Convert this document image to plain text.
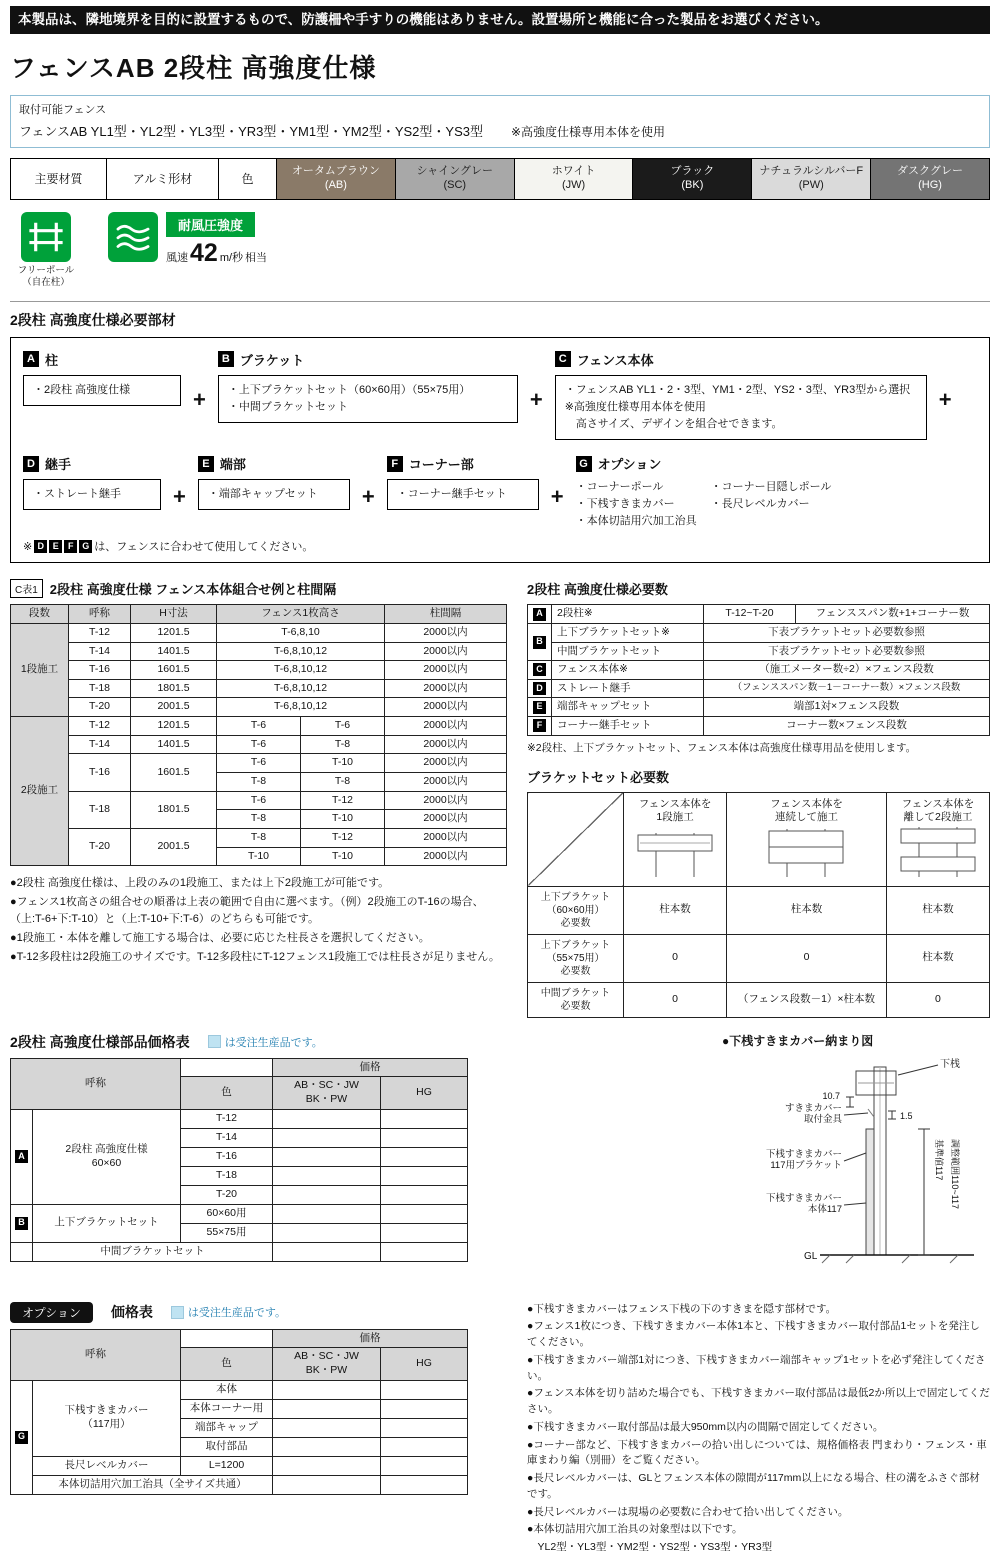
本製品は、隣地境界を目的に設置するもので、防護柵や手すりの機能はありません。設置場所と機能に合った製品をお選びください。
フェンスAB 2段柱 高強度仕様
取付可能フェンス
フェンスAB YL1型・YL2型・YL3型・YR3型・YM1型・YM2型・YS2型・YS3型 ※高強度仕様専用本体を使用
主要材質	アルミ形材	色
オータムブラウン
(AB)
シャイングレー
(SC)
ホワイト
(JW)
ブラック
(BK)
ナチュラルシルバーF
(PW)
ダスクグレー
(HG)
フリーポール
（自在柱）
耐風圧強度
風速 42 m/秒 相当
2段柱 高強度仕様必要部材
A 柱
・2段柱 高強度仕様	+
B ブラケット
・上下ブラケットセット（60×60用）（55×75用）
・中間ブラケットセット	+
C フェンス本体
・フェンスAB YL1・2・3型、YM1・2型、YS2・3型、YR3型から選択
※高強度仕様専用本体を使用
　高さサイズ、デザインを組合せできます。
+
D 継手
・ストレート継手	+
E 端部
・端部キャップセット	+
F コーナー部
・コーナー継手セット	+
G オプション
・コーナーポール
・下桟すきまカバー
・本体切詰用穴加工治具
・コーナー目隠しポール
・長尺レベルカバー
※ D E	F G は、フェンスに合わせて使用してください。
C表1 2段柱 高強度仕様 フェンス本体組合せ例と柱間隔
段数	呼称	H寸法	フェンス1枚高さ		柱間隔
1段施工	T-12	1201.5	T-6,8,10		2000以内
	T-14	1401.5	T-6,8,10,12		2000以内
	T-16	1601.5	T-6,8,10,12		2000以内
	T-18	1801.5	T-6,8,10,12		2000以内
	T-20	2001.5	T-6,8,10,12		2000以内
2段施工	T-12	1201.5	T-6	T-6	2000以内
	T-14	1401.5	T-6	T-8	2000以内
	T-16	1601.5	T-6	T-10	2000以内
			T-8	T-8	2000以内
	T-18	1801.5	T-6	T-12	2000以内
			T-8	T-10	2000以内
	T-20	2001.5	T-8	T-12	2000以内
			T-10	T-10	2000以内
●2段柱 高強度仕様は、上段のみの1段施工、または上下2段施工が可能です。
●フェンス1枚高さの組合せの順番は上表の範囲で自由に選べます。（例）2段施工のT-16の場合、（上:T-6+下:T-10）と（上:T-10+下:T-6）のどちらも可能です。
●1段施工・本体を離して施工する場合は、必要に応じた柱長さを選択してください。
●T-12多段柱は2段施工のサイズです。T-12多段柱にT-12フェンス1段施工では柱長さが足りません。
2段柱 高強度仕様必要数
A	2段柱※	T-12~T-20	フェンススパン数+1+コーナー数
B	上下ブラケットセット※	下表ブラケットセット必要数参照	
	中間ブラケットセット	下表ブラケットセット必要数参照	
C	フェンス本体※	（施工メーター数÷2）×フェンス段数	
D	ストレート継手	（フェンススパン数－1－コーナー数）×フェンス段数	
E	端部キャップセット	端部1対×フェンス段数	
F	コーナー継手セット	コーナー数×フェンス段数	
※2段柱、上下ブラケットセット、フェンス本体は高強度仕様専用品を使用します。
ブラケットセット必要数

フェンス本体を
1段施工

フェンス本体を
連続して施工

フェンス本体を
離して2段施工

上下ブラケット
（60×60用）
必要数	柱本数	柱本数	柱本数

上下ブラケット
（55×75用）
必要数	0	0	柱本数

中間ブラケット
必要数	0	（フェンス段数－1）×柱本数	0
2段柱 高強度仕様部品価格表	は受注生産品です。
呼称			価格	
		色	AB・SC・JW
BK・PW	HG
A	2段柱 高強度仕様
60×60	T-12		
		T-14		
		T-16		
		T-18		
		T-20		
B	上下ブラケットセット	60×60用		
		55×75用		
	中間ブラケットセット			
●下桟すきまカバー納まり図
下桟
すきまカバー
取付金具
10.7
1.5
下桟すきまカバー
117用ブラケット
下桟すきまカバー
本体117
基準値117 調整範囲110~117
GL
オプション	価格表	は受注生産品です。
呼称			価格	
		色	AB・SC・JW
BK・PW	HG
G	下桟すきまカバー
（117用）	本体		
		本体コーナー用		
		端部キャップ		
		取付部品		
	長尺レベルカバー	L=1200		
	本体切詰用穴加工治具（全サイズ共通）			
●下桟すきまカバーはフェンス下桟の下のすきまを隠す部材です。
●フェンス1枚につき、下桟すきまカバー本体1本と、下桟すきまカバー取付部品1セットを発注してください。
●下桟すきまカバー端部1対につき、下桟すきまカバー端部キャップ1セットを必ず発注してください。
●フェンス本体を切り詰めた場合でも、下桟すきまカバー取付部品は最低2か所以上で固定してください。
●下桟すきまカバー取付部品は最大950mm以内の間隔で固定してください。
●コーナー部など、下桟すきまカバーの拾い出しについては、規格価格表 門まわり・フェンス・車庫まわり編（別冊）をご覧ください。
●長尺レベルカバーは、GLとフェンス本体の隙間が117mm以上になる場合、柱の溝をふさぐ部材です。
●長尺レベルカバーは現場の必要数に合わせて拾い出してください。
●本体切詰用穴加工治具の対象型は以下です。
　YL2型・YL3型・YM2型・YS2型・YS3型・YR3型
